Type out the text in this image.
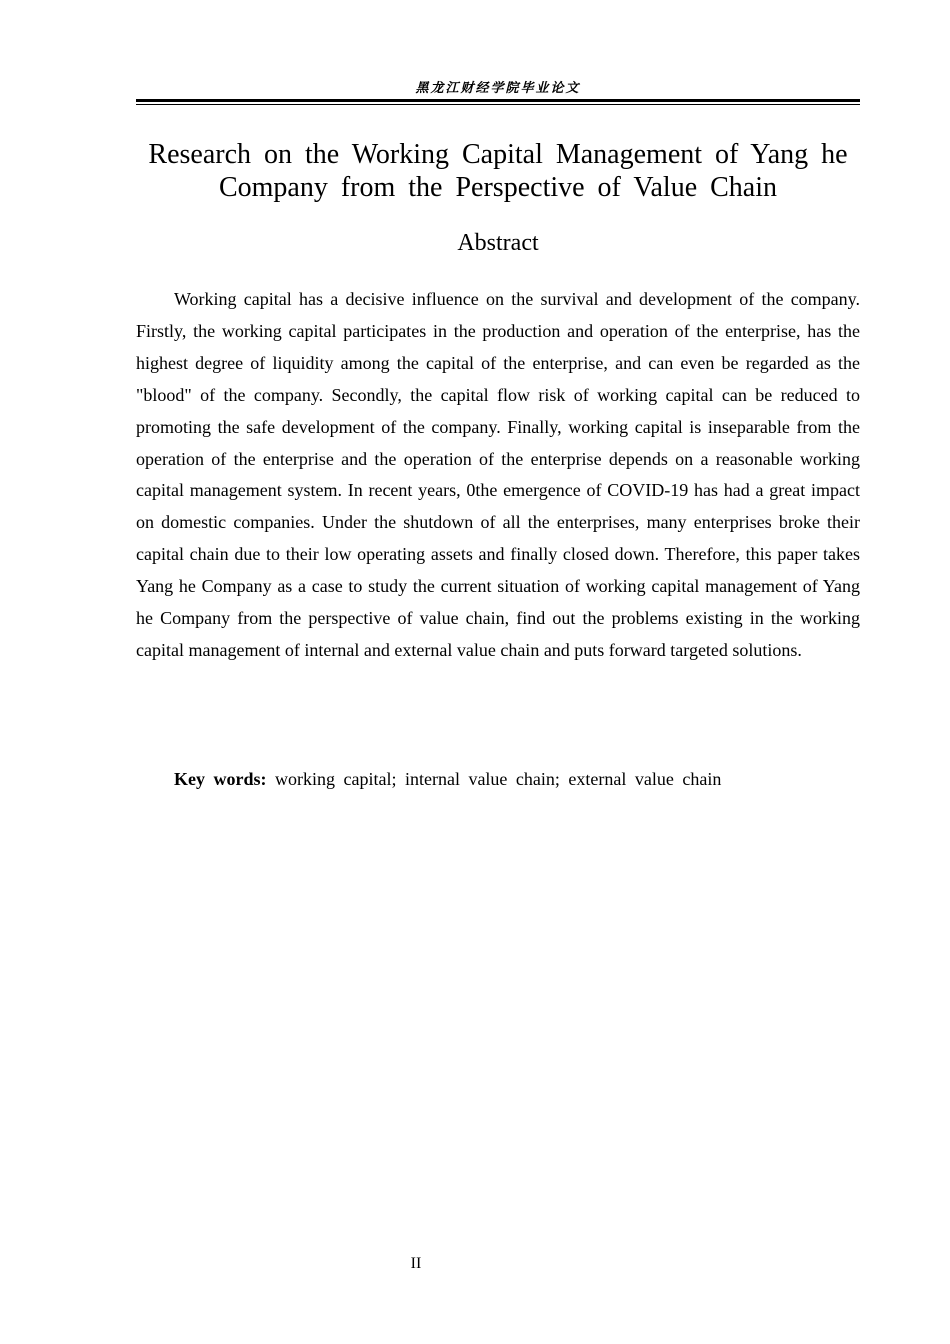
黑龙江财经学院毕业论文
Research on the Working Capital Management of Yang he Company from the Perspective of Value Chain
Abstract

Working capital has a decisive influence on the survival and development of the company. Firstly, the working capital participates in the production and operation of the enterprise, has the highest degree of liquidity among the capital of the enterprise, and can even be regarded as the "blood" of the company. Secondly, the capital flow risk of working capital can be reduced to promoting the safe development of the company. Finally, working capital is inseparable from the operation of the enterprise and the operation of the enterprise depends on a reasonable working capital management system. In recent years, 0the emergence of COVID-19 has had a great impact on domestic companies. Under the shutdown of all the enterprises, many enterprises broke their capital chain due to their low operating assets and finally closed down. Therefore, this paper takes Yang he Company as a case to study the current situation of working capital management of Yang he Company from the perspective of value chain, find out the problems existing in the working capital management of internal and external value chain and puts forward targeted solutions.

Key words: working capital; internal value chain; external value chain

II
